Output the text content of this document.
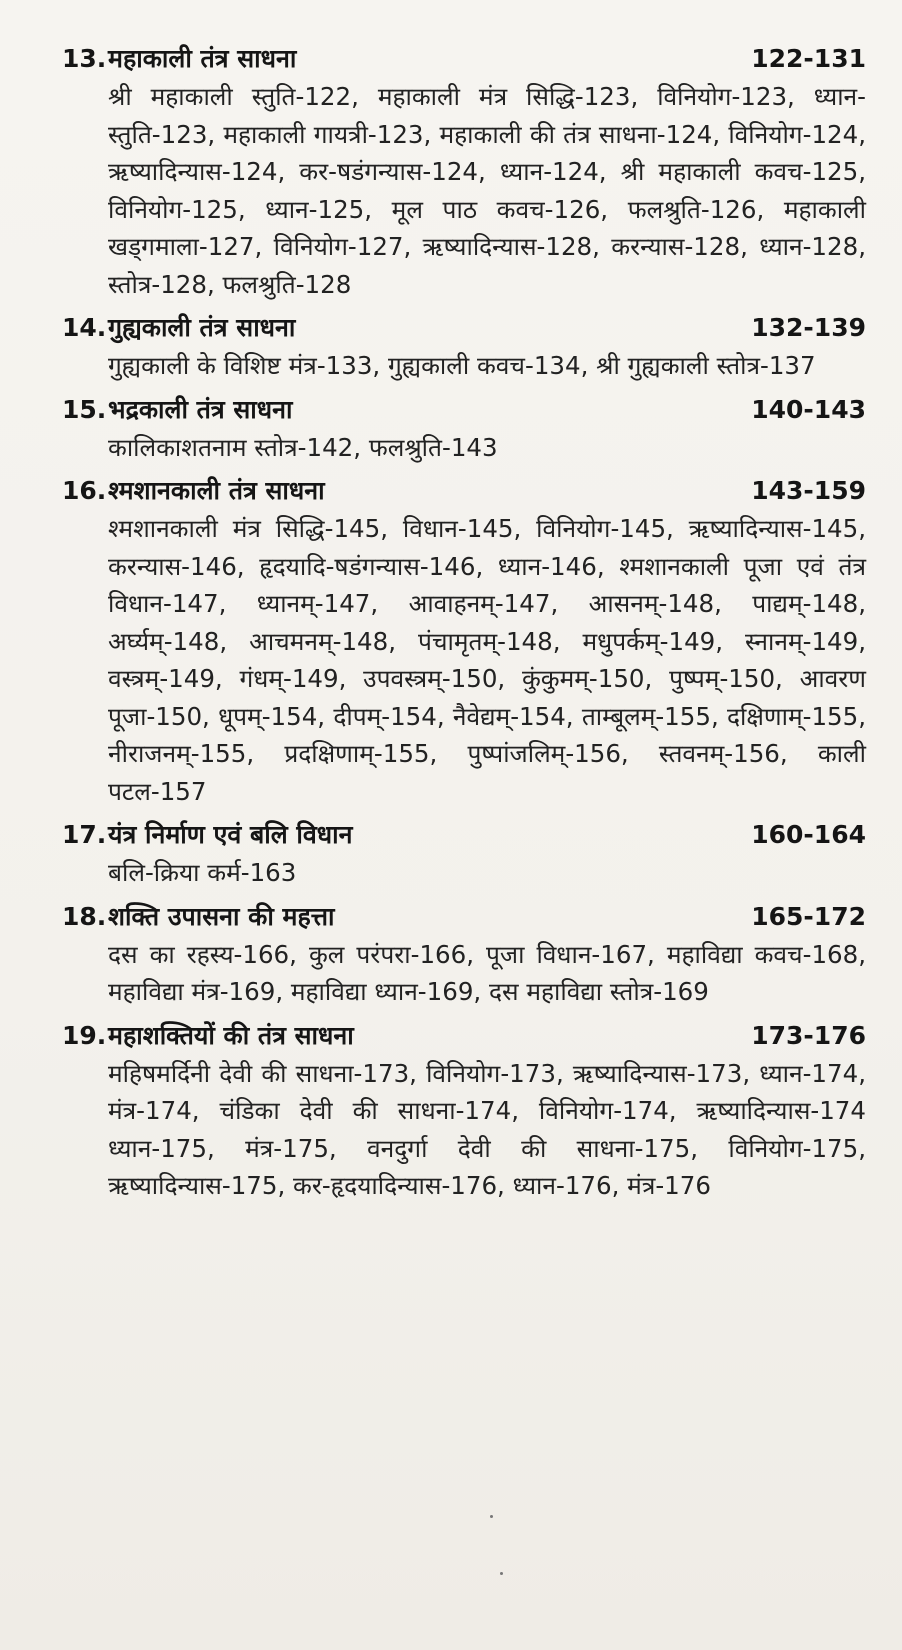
13. महाकाली तंत्र साधना	122-131
श्री महाकाली स्तुति-122, महाकाली मंत्र सिद्धि-123, विनियोग-123, ध्यान-स्तुति-123, महाकाली गायत्री-123, महाकाली की तंत्र साधना-124, विनियोग-124, ऋष्यादिन्यास-124, कर-षडंगन्यास-124, ध्यान-124, श्री महाकाली कवच-125, विनियोग-125, ध्यान-125, मूल पाठ कवच-126, फलश्रुति-126, महाकाली खड्गमाला-127, विनियोग-127, ऋष्यादिन्यास-128, करन्यास-128, ध्यान-128, स्तोत्र-128, फलश्रुति-128
14. गुह्यकाली तंत्र साधना	132-139
गुह्यकाली के विशिष्ट मंत्र-133, गुह्यकाली कवच-134, श्री गुह्यकाली स्तोत्र-137
15. भद्रकाली तंत्र साधना	140-143
कालिकाशतनाम स्तोत्र-142, फलश्रुति-143
16. श्मशानकाली तंत्र साधना	143-159
श्मशानकाली मंत्र सिद्धि-145, विधान-145, विनियोग-145, ऋष्यादिन्यास-145, करन्यास-146, हृदयादि-षडंगन्यास-146, ध्यान-146, श्मशानकाली पूजा एवं तंत्र विधान-147, ध्यानम्-147, आवाहनम्-147, आसनम्-148, पाद्यम्-148, अर्घ्यम्-148, आचमनम्-148, पंचामृतम्-148, मधुपर्कम्-149, स्नानम्-149, वस्त्रम्-149, गंधम्-149, उपवस्त्रम्-150, कुंकुमम्-150, पुष्पम्-150, आवरण पूजा-150, धूपम्-154, दीपम्-154, नैवेद्यम्-154, ताम्बूलम्-155, दक्षिणाम्-155, नीराजनम्-155, प्रदक्षिणाम्-155, पुष्पांजलिम्-156, स्तवनम्-156, काली पटल-157
17. यंत्र निर्माण एवं बलि विधान	160-164
बलि-क्रिया कर्म-163
18. शक्ति उपासना की महत्ता	165-172
दस का रहस्य-166, कुल परंपरा-166, पूजा विधान-167, महाविद्या कवच-168, महाविद्या मंत्र-169, महाविद्या ध्यान-169, दस महाविद्या स्तोत्र-169
19. महाशक्तियों की तंत्र साधना	173-176
महिषमर्दिनी देवी की साधना-173, विनियोग-173, ऋष्यादिन्यास-173, ध्यान-174, मंत्र-174, चंडिका देवी की साधना-174, विनियोग-174, ऋष्यादिन्यास-174 ध्यान-175, मंत्र-175, वनदुर्गा देवी की साधना-175, विनियोग-175, ऋष्यादिन्यास-175, कर-हृदयादिन्यास-176, ध्यान-176, मंत्र-176
